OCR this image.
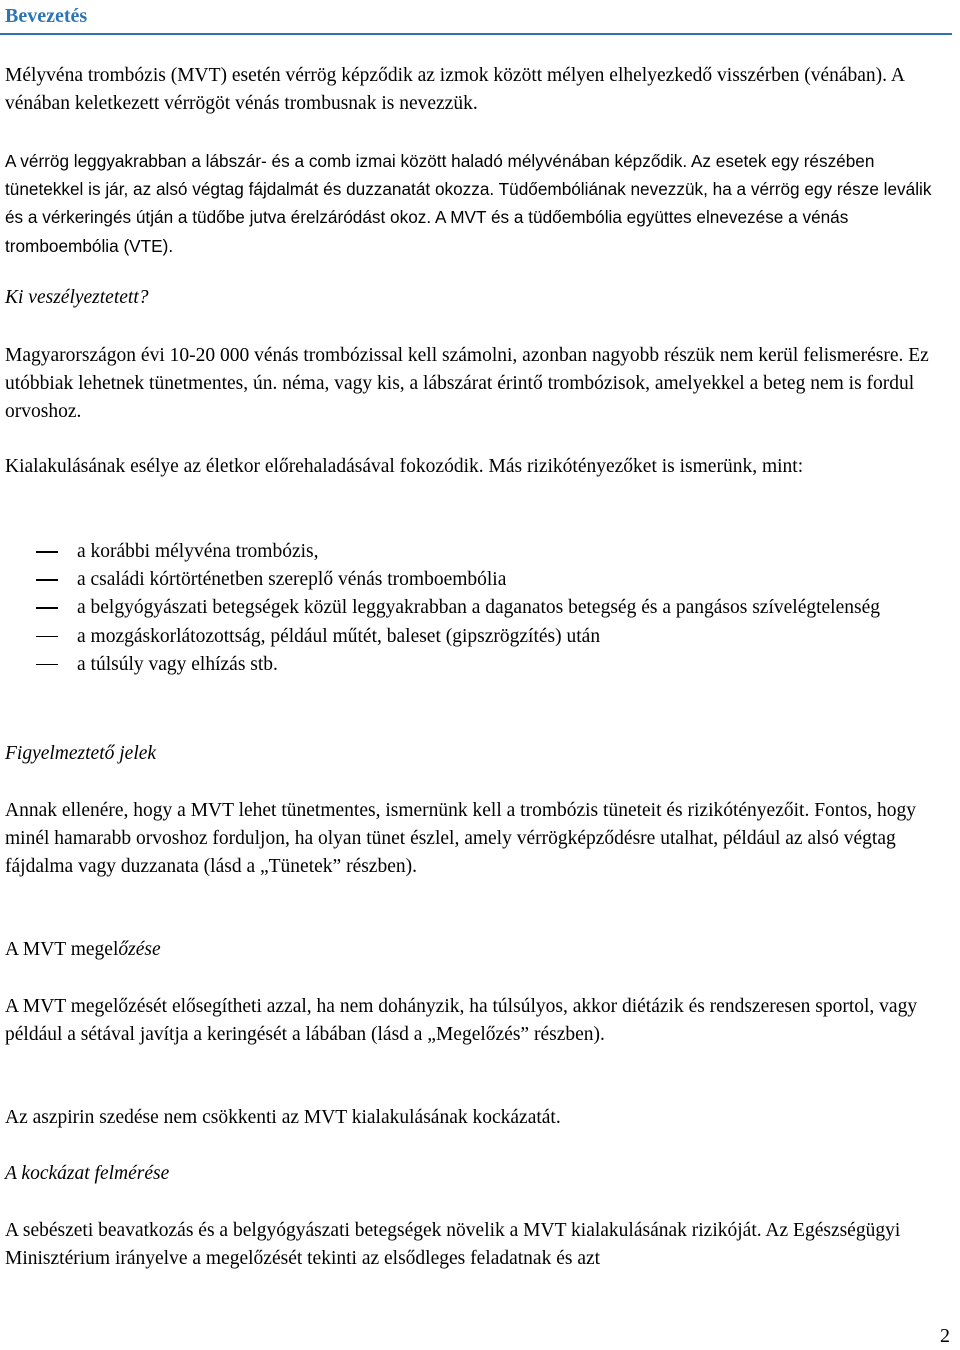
Bevezetés

Mélyvéna trombózis (MVT) esetén vérrög képződik az izmok között mélyen elhelyezkedő visszérben (vénában). A vénában keletkezett vérrögöt vénás trombusnak is nevezzük.

A vérrög leggyakrabban a lábszár- és a comb izmai között haladó mélyvénában képződik. Az esetek egy részében tünetekkel is jár, az alsó végtag fájdalmát és duzzanatát okozza. Tüdőembóliának nevezzük, ha a vérrög egy része leválik és a vérkeringés útján a tüdőbe jutva érelzáródást okoz. A MVT és a tüdőembólia együttes elnevezése a vénás tromboembólia (VTE).

Ki veszélyeztetett?

Magyarországon évi 10-20 000 vénás trombózissal kell számolni, azonban nagyobb részük nem kerül felismerésre. Ez utóbbiak lehetnek tünetmentes, ún. néma, vagy kis, a lábszárat érintő trombózisok, amelyekkel a beteg nem is fordul orvoshoz.

Kialakulásának esélye az életkor előrehaladásával fokozódik. Más rizikótényezőket is ismerünk, mint:

a korábbi mélyvéna trombózis,
a családi kórtörténetben szereplő vénás tromboembólia
a belgyógyászati betegségek közül leggyakrabban a daganatos betegség és a pangásos szívelégtelenség
a mozgáskorlátozottság, például műtét, baleset (gipszrögzítés) után
a túlsúly vagy elhízás stb.

Figyelmeztető jelek

Annak ellenére, hogy a MVT lehet tünetmentes, ismernünk kell a trombózis tüneteit és rizikótényezőit. Fontos, hogy minél hamarabb orvoshoz forduljon, ha olyan tünet észlel, amely vérrögképződésre utalhat, például az alsó végtag fájdalma vagy duzzanata (lásd a „Tünetek” részben).

A MVT megelőzése

A MVT megelőzését elősegítheti azzal, ha nem dohányzik, ha túlsúlyos, akkor diétázik és rendszeresen sportol, vagy például a sétával javítja a keringését a lábában (lásd a „Megelőzés” részben).

Az aszpirin szedése nem csökkenti az MVT kialakulásának kockázatát.

A kockázat felmérése

A sebészeti beavatkozás és a belgyógyászati betegségek növelik a MVT kialakulásának rizikóját. Az Egészségügyi Minisztérium irányelve a megelőzését tekinti az elsődleges feladatnak és azt

2
